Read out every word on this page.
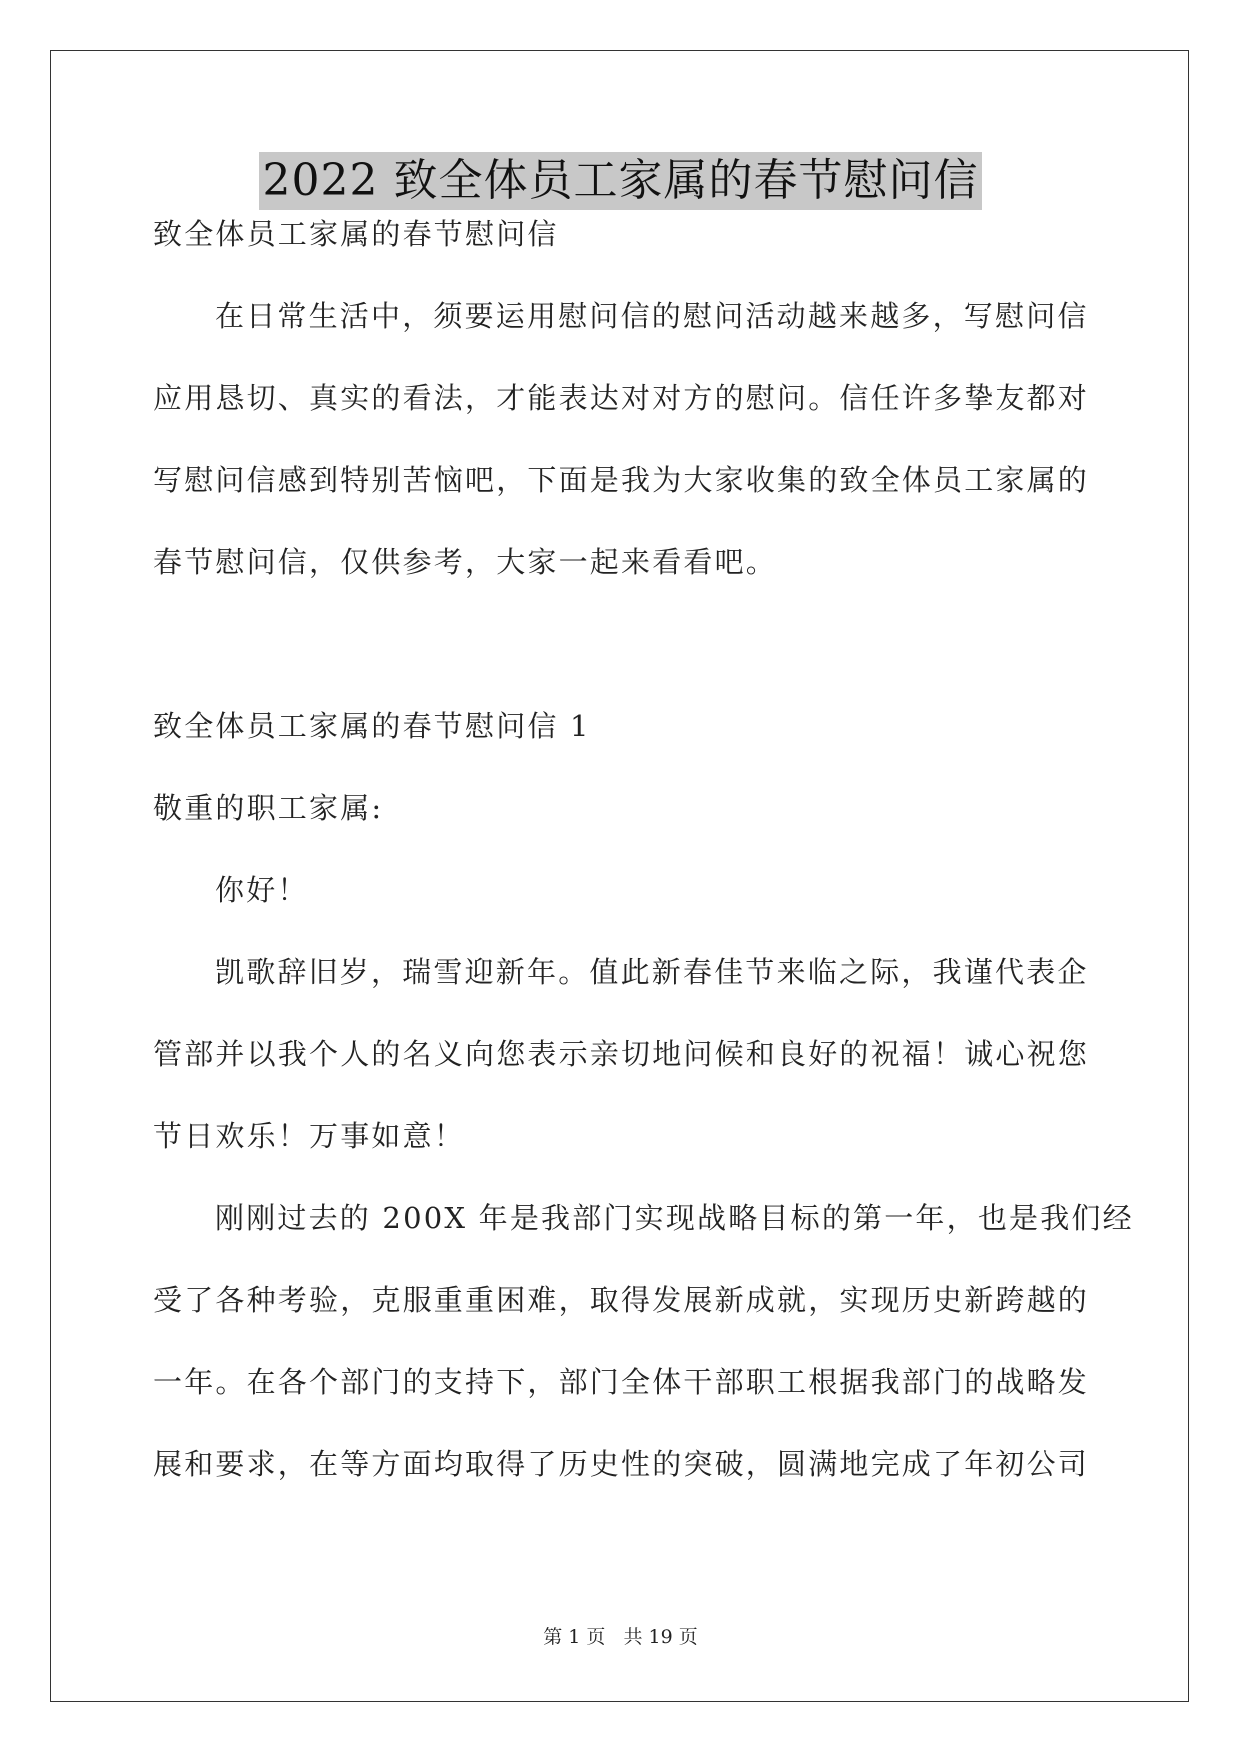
2022 致全体员工家属的春节慰问信
致全体员工家属的春节慰问信
在日常生活中，须要运用慰问信的慰问活动越来越多，写慰问信
应用恳切、真实的看法，才能表达对对方的慰问。信任许多挚友都对
写慰问信感到特别苦恼吧，下面是我为大家收集的致全体员工家属的
春节慰问信，仅供参考，大家一起来看看吧。
致全体员工家属的春节慰问信 1
敬重的职工家属:
你好！
凯歌辞旧岁，瑞雪迎新年。值此新春佳节来临之际，我谨代表企
管部并以我个人的名义向您表示亲切地问候和良好的祝福！诚心祝您
节日欢乐！万事如意！
刚刚过去的 200X 年是我部门实现战略目标的第一年，也是我们经
受了各种考验，克服重重困难，取得发展新成就，实现历史新跨越的
一年。在各个部门的支持下，部门全体干部职工根据我部门的战略发
展和要求，在等方面均取得了历史性的突破，圆满地完成了年初公司
第 1 页 共 19 页
